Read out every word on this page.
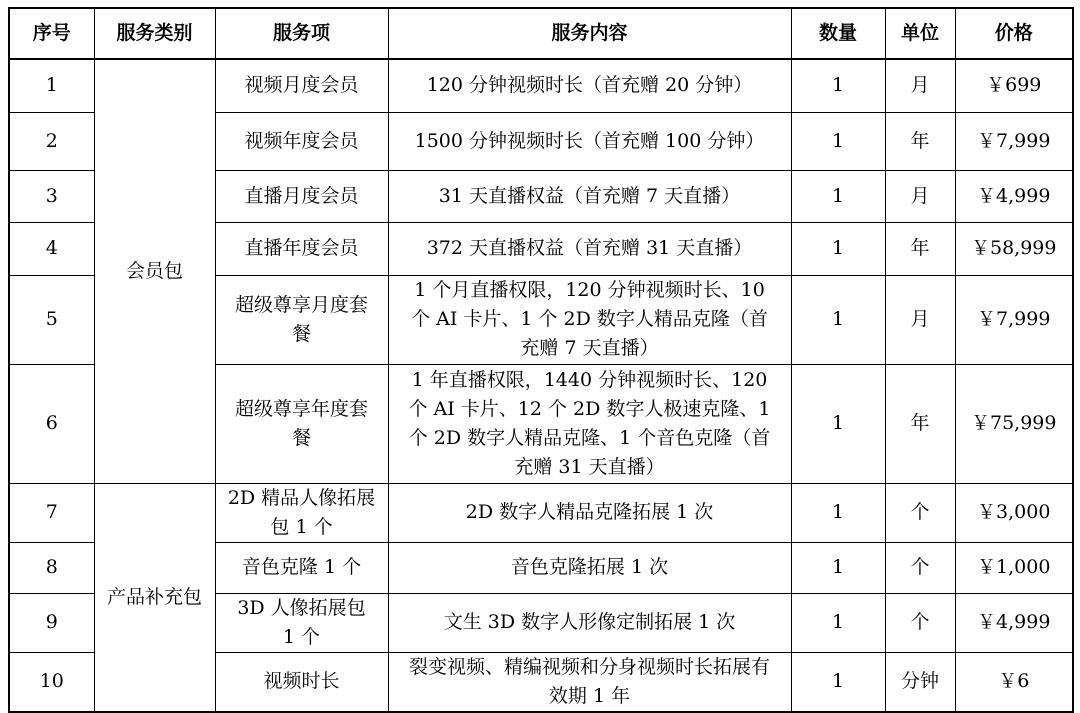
序号	服务类别	服务项	服务内容	数量	单位	价格
1	会员包	视频月度会员	120 分钟视频时长（首充赠 20 分钟）	1	月	￥699
2		视频年度会员	1500 分钟视频时长（首充赠 100 分钟）	1	年	￥7,999
3		直播月度会员	31 天直播权益（首充赠 7 天直播）	1	月	￥4,999
4		直播年度会员	372 天直播权益（首充赠 31 天直播）	1	年	￥58,999
5		超级尊享月度套餐	1 个月直播权限，120 分钟视频时长、10 个 AI 卡片、1 个 2D 数字人精品克隆（首充赠 7 天直播）	1	月	￥7,999
6		超级尊享年度套餐	1 年直播权限，1440 分钟视频时长、120 个 AI 卡片、12 个 2D 数字人极速克隆、1 个 2D 数字人精品克隆、1 个音色克隆（首充赠 31 天直播）	1	年	￥75,999
7	产品补充包	2D 精品人像拓展包 1 个	2D 数字人精品克隆拓展 1 次	1	个	￥3,000
8		音色克隆 1 个	音色克隆拓展 1 次	1	个	￥1,000
9		3D 人像拓展包 1 个	文生 3D 数字人形像定制拓展 1 次	1	个	￥4,999
10		视频时长	裂变视频、精编视频和分身视频时长拓展有效期 1 年	1	分钟	￥6
